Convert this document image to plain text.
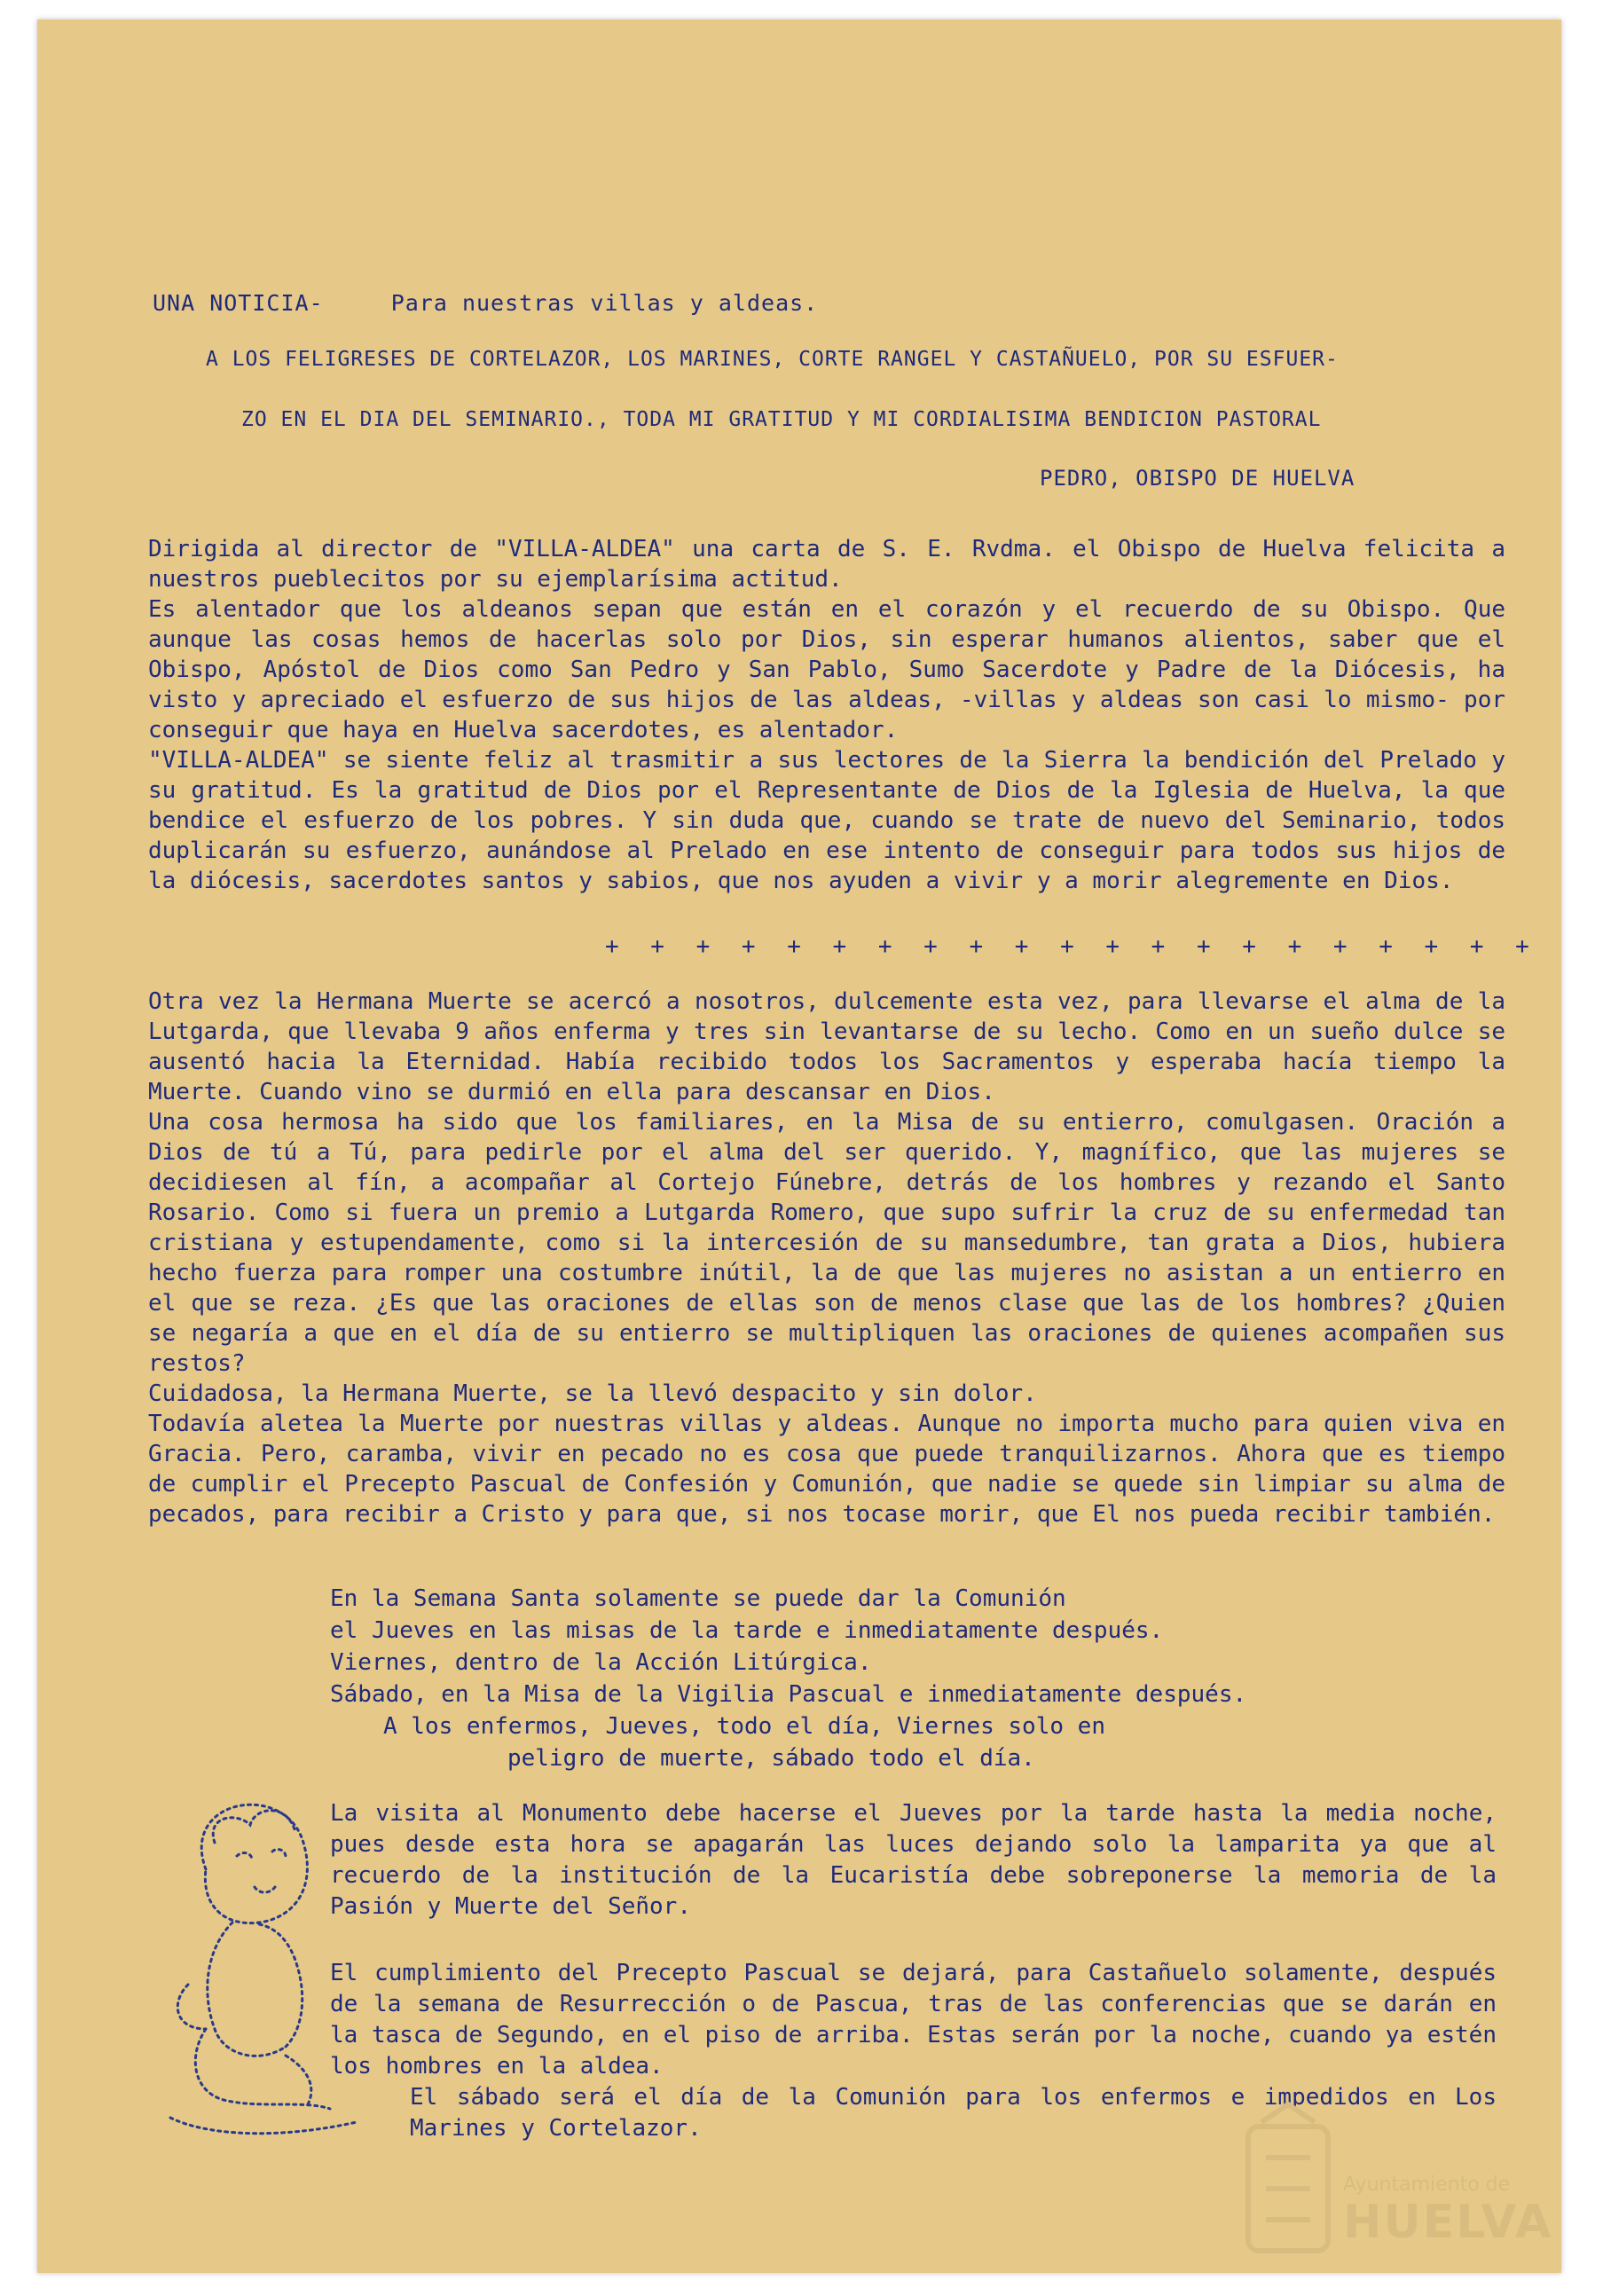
UNA NOTICIA-	Para nuestras villas y aldeas.
A LOS FELIGRESES DE CORTELAZOR, LOS MARINES, CORTE RANGEL Y CASTAÑUELO, POR SU ESFUER-
ZO EN EL DIA DEL SEMINARIO., TODA MI GRATITUD Y MI CORDIALISIMA BENDICION PASTORAL
PEDRO, OBISPO DE HUELVA

Dirigida al director de "VILLA-ALDEA" una carta de S. E. Rvdma. el Obispo de Huelva felicita a nuestros pueblecitos por su ejemplarísima actitud.

Es alentador que los aldeanos sepan que están en el corazón y el recuerdo de su Obispo. Que aunque las cosas hemos de hacerlas solo por Dios, sin esperar humanos alientos, saber que el Obispo, Apóstol de Dios como San Pedro y San Pablo, Sumo Sacerdote y Padre de la Diócesis, ha visto y apreciado el esfuerzo de sus hijos de las aldeas, -villas y aldeas son casi lo mismo- por conseguir que haya en Huelva sacerdotes, es alentador.

"VILLA-ALDEA" se siente feliz al trasmitir a sus lectores de la Sierra la bendición del Prelado y su gratitud. Es la gratitud de Dios por el Representante de Dios de la Iglesia de Huelva, la que bendice el esfuerzo de los pobres. Y sin duda que, cuando se trate de nuevo del Seminario, todos duplicarán su esfuerzo, aunándose al Prelado en ese intento de conseguir para todos sus hijos de la diócesis, sacerdotes santos y sabios, que nos ayuden a vivir y a morir alegremente en Dios.

+ + + + + + + + + + + + + + + + + + + + +

Otra vez la Hermana Muerte se acercó a nosotros, dulcemente esta vez, para llevarse el alma de la Lutgarda, que llevaba 9 años enferma y tres sin levantarse de su lecho. Como en un sueño dulce se ausentó hacia la Eternidad. Había recibido todos los Sacramentos y esperaba hacía tiempo la Muerte. Cuando vino se durmió en ella para descansar en Dios.

Una cosa hermosa ha sido que los familiares, en la Misa de su entierro, comulgasen. Oración a Dios de tú a Tú, para pedirle por el alma del ser querido. Y, magnífico, que las mujeres se decidiesen al fín, a acompañar al Cortejo Fúnebre, detrás de los hombres y rezando el Santo Rosario. Como si fuera un premio a Lutgarda Romero, que supo sufrir la cruz de su enfermedad tan cristiana y estupendamente, como si la intercesión de su mansedumbre, tan grata a Dios, hubiera hecho fuerza para romper una costumbre inútil, la de que las mujeres no asistan a un entierro en el que se reza. ¿Es que las oraciones de ellas son de menos clase que las de los hombres? ¿Quien se negaría a que en el día de su entierro se multipliquen las oraciones de quienes acompañen sus restos?

Cuidadosa, la Hermana Muerte, se la llevó despacito y sin dolor.

Todavía aletea la Muerte por nuestras villas y aldeas. Aunque no importa mucho para quien viva en Gracia. Pero, caramba, vivir en pecado no es cosa que puede tranquilizarnos. Ahora que es tiempo de cumplir el Precepto Pascual de Confesión y Comunión, que nadie se quede sin limpiar su alma de pecados, para recibir a Cristo y para que, si nos tocase morir, que El nos pueda recibir también.

En la Semana Santa solamente se puede dar la Comunión
el Jueves en las misas de la tarde e inmediatamente después.
Viernes, dentro de la Acción Litúrgica.
Sábado, en la Misa de la Vigilia Pascual e inmediatamente después.
A los enfermos, Jueves, todo el día, Viernes solo en
peligro de muerte, sábado todo el día.
La visita al Monumento debe hacerse el Jueves por la tarde hasta la media noche, pues desde esta hora se apagarán las luces dejando solo la lamparita ya que al recuerdo de la institución de la Eucaristía debe sobreponerse la memoria de la Pasión y Muerte del Señor.
El cumplimiento del Precepto Pascual se dejará, para Castañuelo solamente, después de la semana de Resurrección o de Pascua, tras de las conferencias que se darán en la tasca de Segundo, en el piso de arriba. Estas serán por la noche, cuando ya estén los hombres en la aldea.
El sábado será el día de la Comunión para los enfermos e impedidos en Los Marines y Cortelazor.
Ayuntamiento de
HUELVA
